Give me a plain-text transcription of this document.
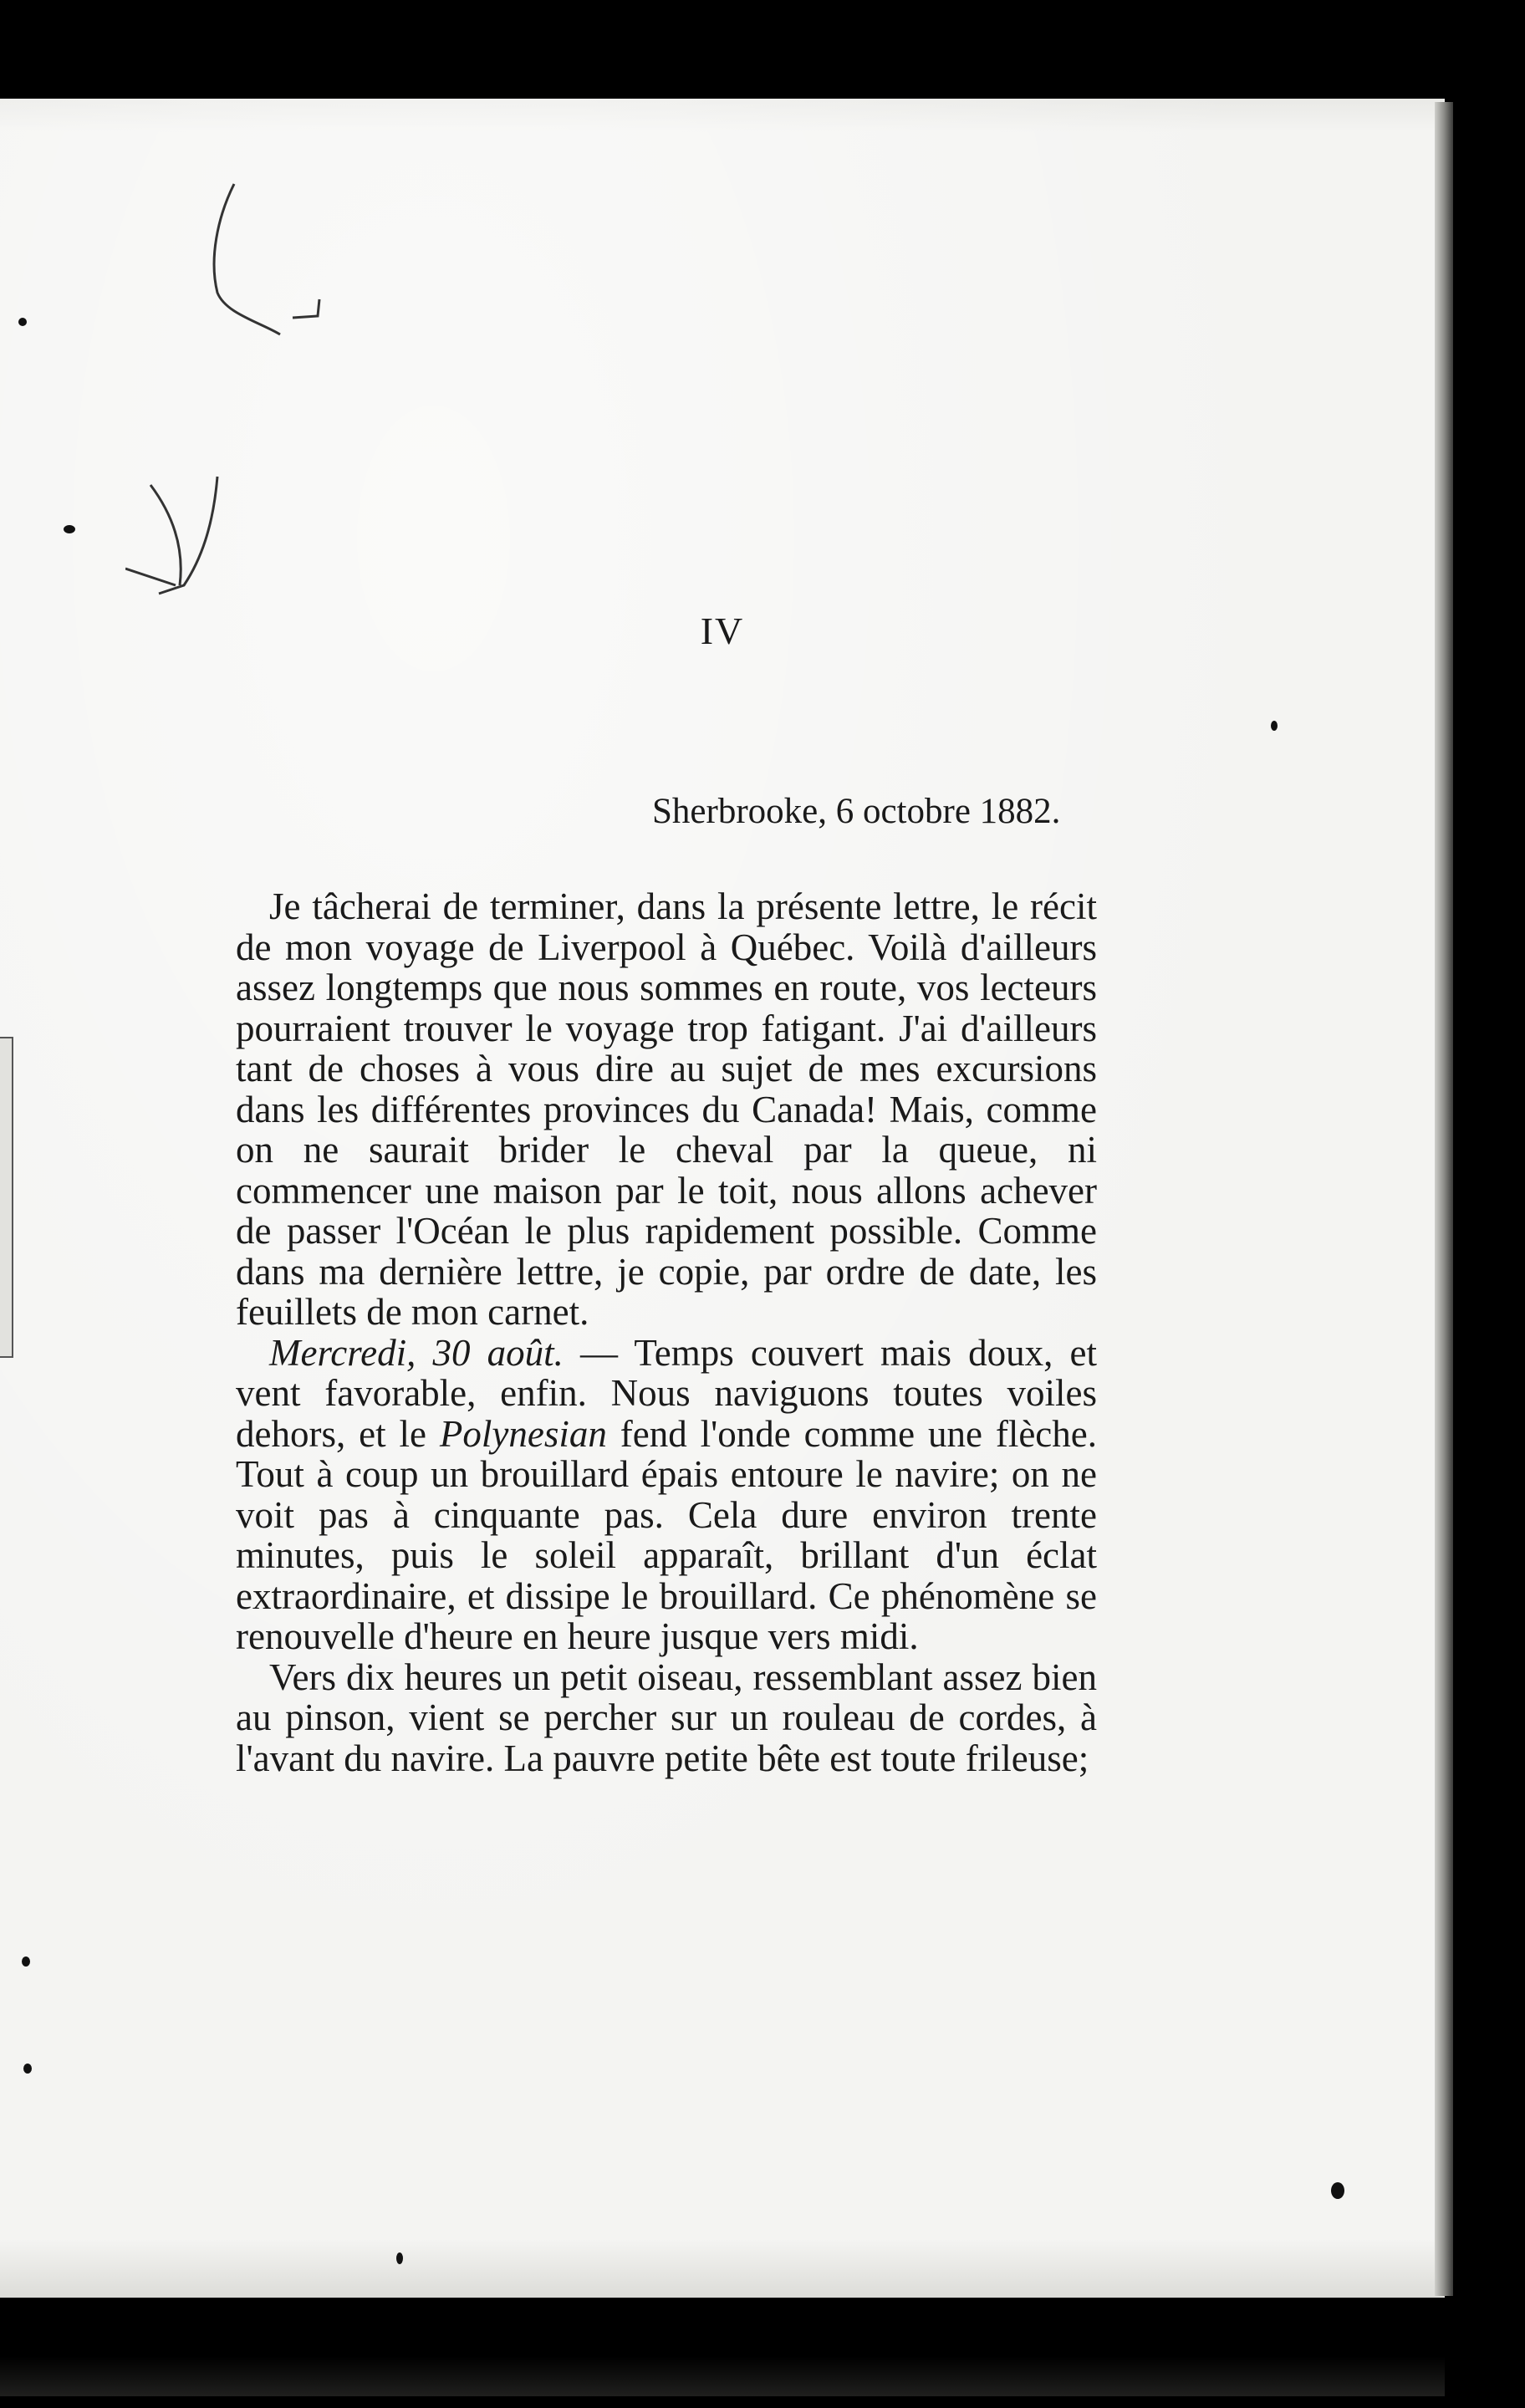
IV
Sherbrooke, 6 octobre 1882.

Je tâcherai de terminer, dans la présente lettre, le récit de mon voyage de Liverpool à Québec. Voilà d'ailleurs assez longtemps que nous sommes en route, vos lecteurs pourraient trouver le voyage trop fatigant. J'ai d'ailleurs tant de choses à vous dire au sujet de mes excursions dans les différentes provinces du Canada! Mais, comme on ne saurait brider le cheval par la queue, ni commencer une maison par le toit, nous allons achever de passer l'Océan le plus rapidement possible. Comme dans ma dernière lettre, je copie, par ordre de date, les feuillets de mon carnet.

Mercredi, 30 août. — Temps couvert mais doux, et vent favorable, enfin. Nous naviguons toutes voiles dehors, et le Polynesian fend l'onde comme une flèche. Tout à coup un brouillard épais entoure le navire; on ne voit pas à cinquante pas. Cela dure environ trente minutes, puis le soleil apparaît, brillant d'un éclat extraordinaire, et dissipe le brouillard. Ce phénomène se renouvelle d'heure en heure jusque vers midi.

Vers dix heures un petit oiseau, ressemblant assez bien au pinson, vient se percher sur un rouleau de cordes, à l'avant du navire. La pauvre petite bête est toute frileuse;
